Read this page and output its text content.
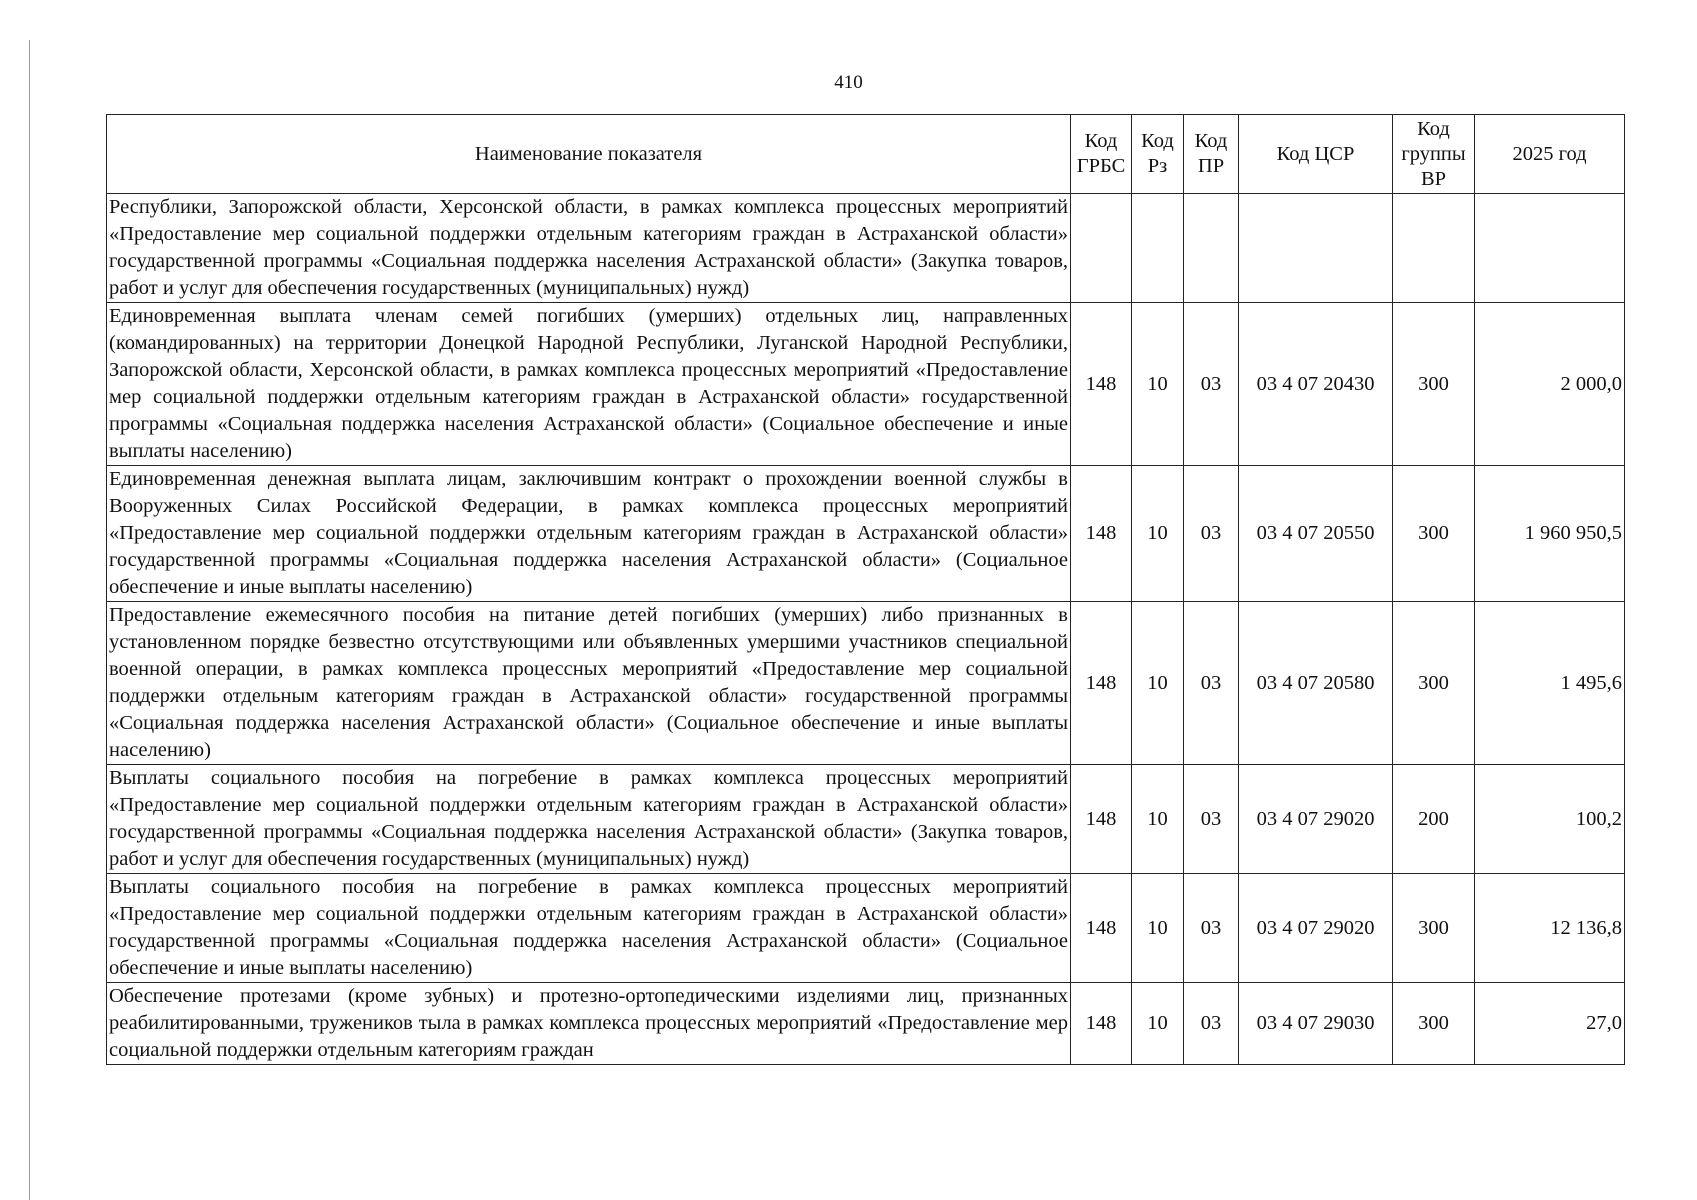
410
Наименование показателя	Код ГРБС	Код Рз	Код ПР	Код ЦСР	Код группы ВР	2025 год
Республики, Запорожской области, Херсонской области, в рамках комплекса процессных мероприятий «Предоставление мер социальной поддержки отдельным категориям граждан в Астраханской области» государственной программы «Социальная поддержка населения Астраханской области» (Закупка товаров, работ и услуг для обеспечения государственных (муниципальных) нужд)						
Единовременная выплата членам семей погибших (умерших) отдельных лиц, направленных (командированных) на территории Донецкой Народной Республики, Луганской Народной Республики, Запорожской области, Херсонской области, в рамках комплекса процессных мероприятий «Предоставление мер социальной поддержки отдельным категориям граждан в Астраханской области» государственной программы «Социальная поддержка населения Астраханской области» (Социальное обеспечение и иные выплаты населению)	148	10	03	03 4 07 20430	300	2 000,0
Единовременная денежная выплата лицам, заключившим контракт о прохождении военной службы в Вооруженных Силах Российской Федерации, в рамках комплекса процессных мероприятий «Предоставление мер социальной поддержки отдельным категориям граждан в Астраханской области» государственной программы «Социальная поддержка населения Астраханской области» (Социальное обеспечение и иные выплаты населению)	148	10	03	03 4 07 20550	300	1 960 950,5
Предоставление ежемесячного пособия на питание детей погибших (умерших) либо признанных в установленном порядке безвестно отсутствующими или объявленных умершими участников специальной военной операции, в рамках комплекса процессных мероприятий «Предоставление мер социальной поддержки отдельным категориям граждан в Астраханской области» государственной программы «Социальная поддержка населения Астраханской области» (Социальное обеспечение и иные выплаты населению)	148	10	03	03 4 07 20580	300	1 495,6
Выплаты социального пособия на погребение в рамках комплекса процессных мероприятий «Предоставление мер социальной поддержки отдельным категориям граждан в Астраханской области» государственной программы «Социальная поддержка населения Астраханской области» (Закупка товаров, работ и услуг для обеспечения государственных (муниципальных) нужд)	148	10	03	03 4 07 29020	200	100,2
Выплаты социального пособия на погребение в рамках комплекса процессных мероприятий «Предоставление мер социальной поддержки отдельным категориям граждан в Астраханской области» государственной программы «Социальная поддержка населения Астраханской области» (Социальное обеспечение и иные выплаты населению)	148	10	03	03 4 07 29020	300	12 136,8
Обеспечение протезами (кроме зубных) и протезно-ортопедическими изделиями лиц, признанных реабилитированными, тружеников тыла в рамках комплекса процессных мероприятий «Предоставление мер социальной поддержки отдельным категориям граждан	148	10	03	03 4 07 29030	300	27,0
